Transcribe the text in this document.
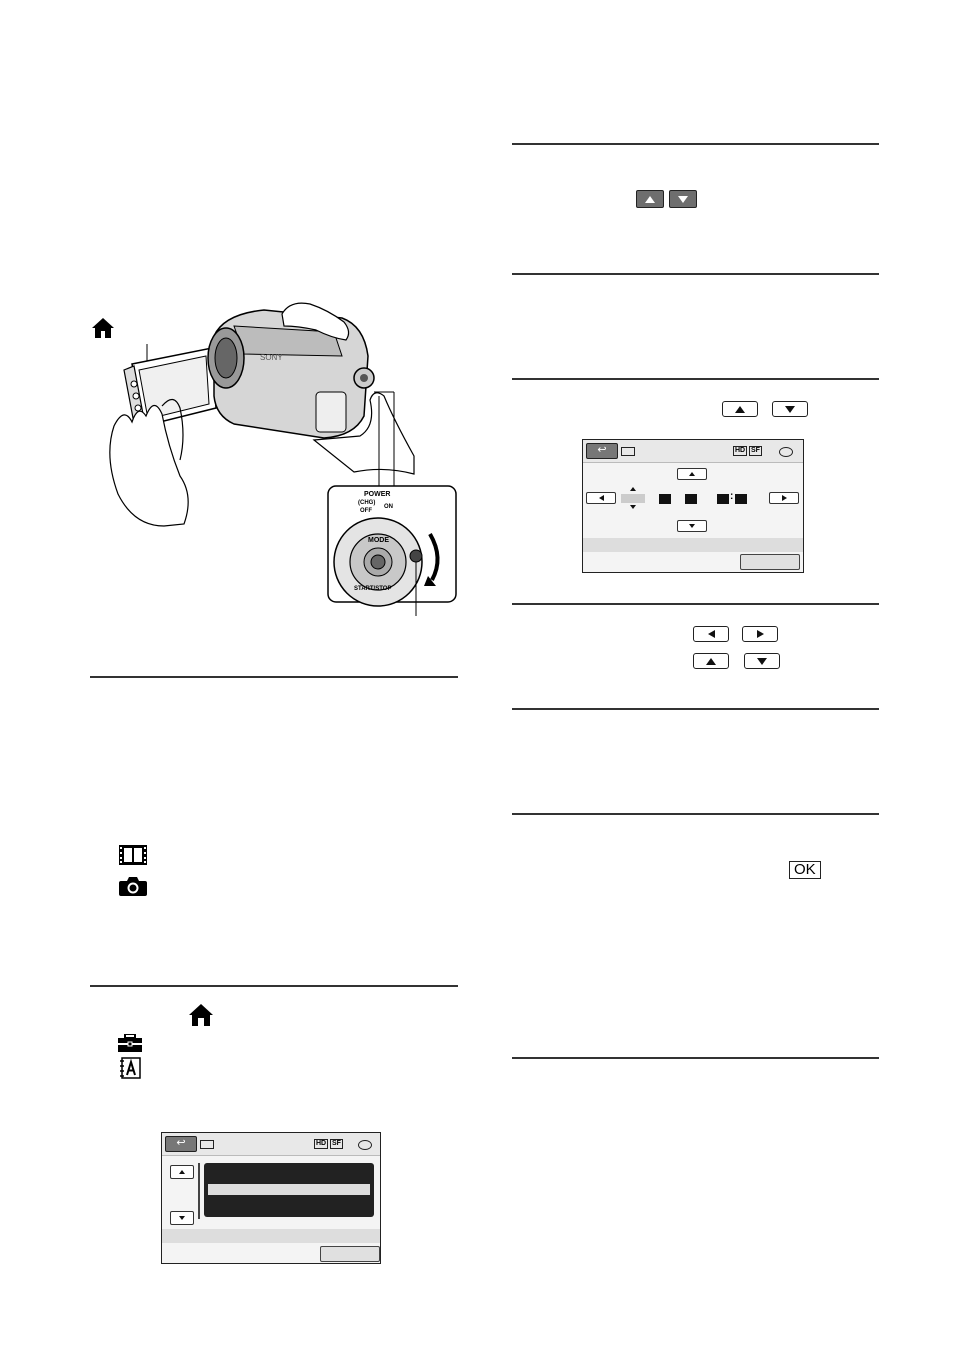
SONY
POWER
(CHG)
OFF
ON
MODE
START/STOP
↩	HD SF
↩	HD SF
:
OK
